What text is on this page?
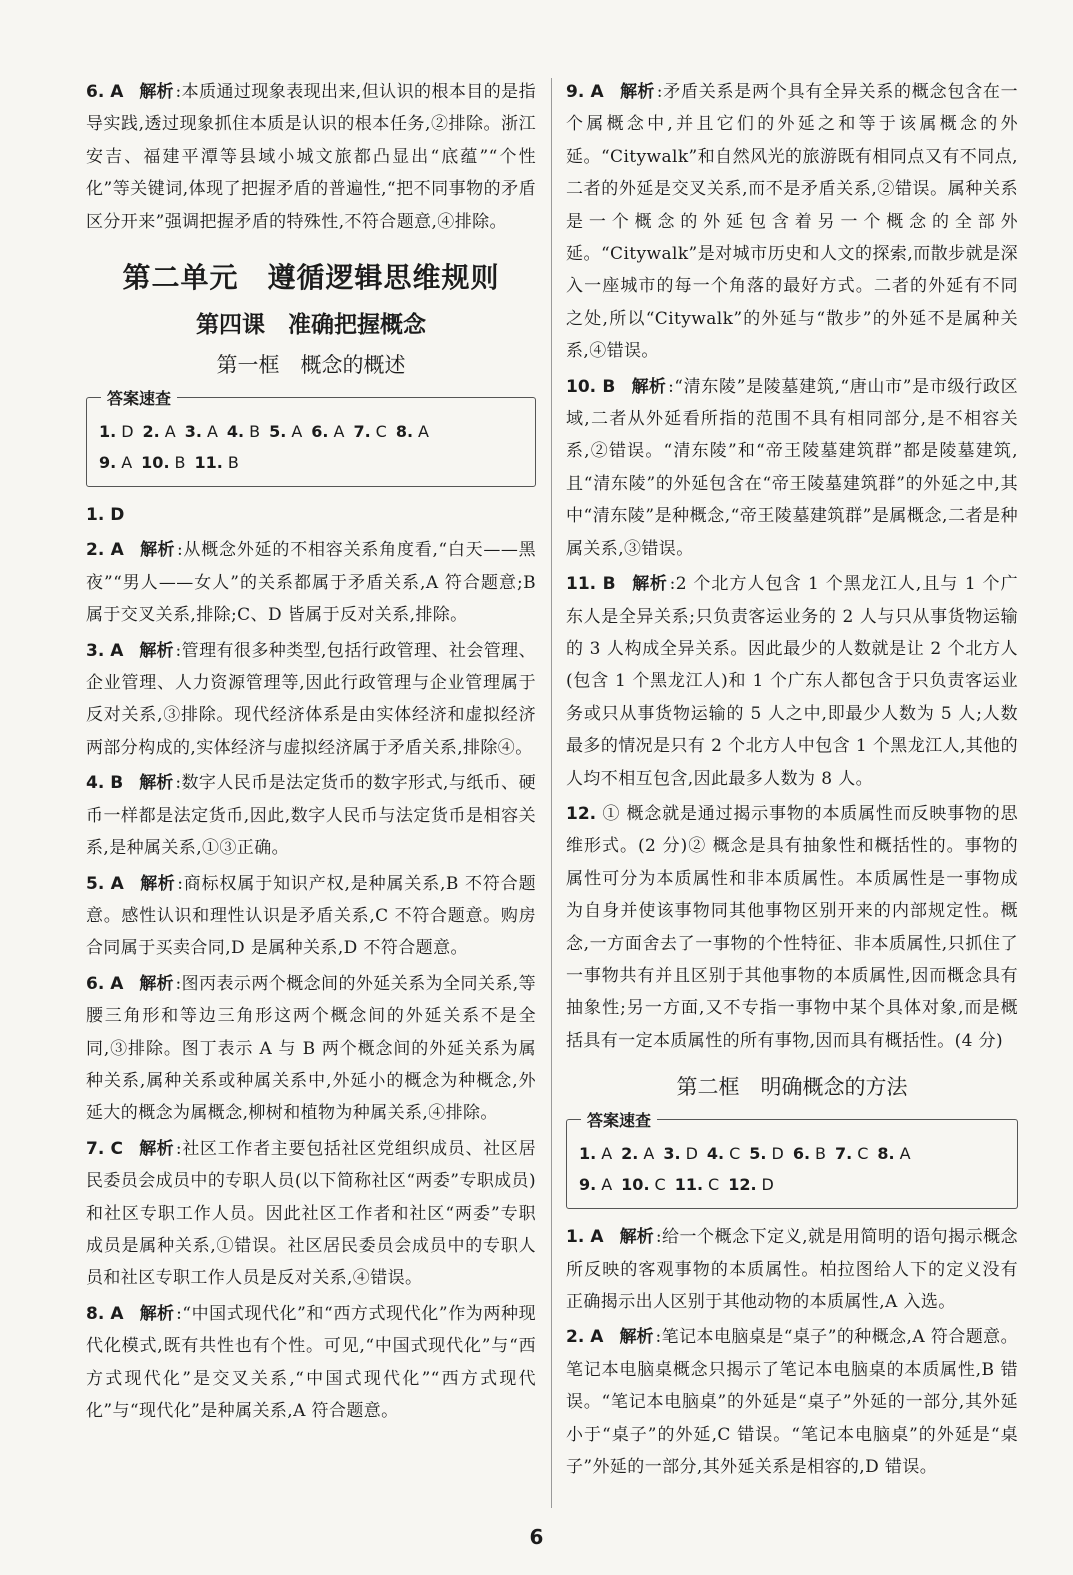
6. A 解析 :本质通过现象表现出来,但认识的根本目的是指导实践,透过现象抓住本质是认识的根本任务,②排除。浙江安吉、福建平潭等县域小城文旅都凸显出“底蕴”“个性化”等关键词,体现了把握矛盾的普遍性,“把不同事物的矛盾区分开来”强调把握矛盾的特殊性,不符合题意,④排除。

第二单元　遵循逻辑思维规则
第四课　准确把握概念
第一框　概念的概述
答案速查
1. D 2. A 3. A 4. B 5. A 6. A 7. C 8. A
9. A 10. B 11. B

1. D

2. A 解析 :从概念外延的不相容关系角度看,“白天——黑夜”“男人——女人”的关系都属于矛盾关系,A 符合题意;B 属于交叉关系,排除;C、D 皆属于反对关系,排除。

3. A 解析 :管理有很多种类型,包括行政管理、社会管理、企业管理、人力资源管理等,因此行政管理与企业管理属于反对关系,③排除。现代经济体系是由实体经济和虚拟经济两部分构成的,实体经济与虚拟经济属于矛盾关系,排除④。

4. B 解析 :数字人民币是法定货币的数字形式,与纸币、硬币一样都是法定货币,因此,数字人民币与法定货币是相容关系,是种属关系,①③正确。

5. A 解析 :商标权属于知识产权,是种属关系,B 不符合题意。感性认识和理性认识是矛盾关系,C 不符合题意。购房合同属于买卖合同,D 是属种关系,D 不符合题意。

6. A 解析 :图丙表示两个概念间的外延关系为全同关系,等腰三角形和等边三角形这两个概念间的外延关系不是全同,③排除。图丁表示 A 与 B 两个概念间的外延关系为属种关系,属种关系或种属关系中,外延小的概念为种概念,外延大的概念为属概念,柳树和植物为种属关系,④排除。

7. C 解析 :社区工作者主要包括社区党组织成员、社区居民委员会成员中的专职人员(以下简称社区“两委”专职成员)和社区专职工作人员。因此社区工作者和社区“两委”专职成员是属种关系,①错误。社区居民委员会成员中的专职人员和社区专职工作人员是反对关系,④错误。

8. A 解析 :“中国式现代化”和“西方式现代化”作为两种现代化模式,既有共性也有个性。可见,“中国式现代化”与“西方式现代化”是交叉关系,“中国式现代化”“西方式现代化”与“现代化”是种属关系,A 符合题意。

9. A 解析 :矛盾关系是两个具有全异关系的概念包含在一个属概念中,并且它们的外延之和等于该属概念的外延。“Citywalk”和自然风光的旅游既有相同点又有不同点,二者的外延是交叉关系,而不是矛盾关系,②错误。属种关系是一个概念的外延包含着另一个概念的全部外延。“Citywalk”是对城市历史和人文的探索,而散步就是深入一座城市的每一个角落的最好方式。二者的外延有不同之处,所以“Citywalk”的外延与“散步”的外延不是属种关系,④错误。

10. B 解析 :“清东陵”是陵墓建筑,“唐山市”是市级行政区域,二者从外延看所指的范围不具有相同部分,是不相容关系,②错误。“清东陵”和“帝王陵墓建筑群”都是陵墓建筑,且“清东陵”的外延包含在“帝王陵墓建筑群”的外延之中,其中“清东陵”是种概念,“帝王陵墓建筑群”是属概念,二者是种属关系,③错误。

11. B 解析 :2 个北方人包含 1 个黑龙江人,且与 1 个广东人是全异关系;只负责客运业务的 2 人与只从事货物运输的 3 人构成全异关系。因此最少的人数就是让 2 个北方人(包含 1 个黑龙江人)和 1 个广东人都包含于只负责客运业务或只从事货物运输的 5 人之中,即最少人数为 5 人;人数最多的情况是只有 2 个北方人中包含 1 个黑龙江人,其他的人均不相互包含,因此最多人数为 8 人。

12. ① 概念就是通过揭示事物的本质属性而反映事物的思维形式。(2 分)② 概念是具有抽象性和概括性的。事物的属性可分为本质属性和非本质属性。本质属性是一事物成为自身并使该事物同其他事物区别开来的内部规定性。概念,一方面舍去了一事物的个性特征、非本质属性,只抓住了一事物共有并且区别于其他事物的本质属性,因而概念具有抽象性;另一方面,又不专指一事物中某个具体对象,而是概括具有一定本质属性的所有事物,因而具有概括性。(4 分)

第二框　明确概念的方法
答案速查
1. A 2. A 3. D 4. C 5. D 6. B 7. C 8. A
9. A 10. C 11. C 12. D

1. A 解析 :给一个概念下定义,就是用简明的语句揭示概念所反映的客观事物的本质属性。柏拉图给人下的定义没有正确揭示出人区别于其他动物的本质属性,A 入选。

2. A 解析 :笔记本电脑桌是“桌子”的种概念,A 符合题意。笔记本电脑桌概念只揭示了笔记本电脑桌的本质属性,B 错误。“笔记本电脑桌”的外延是“桌子”外延的一部分,其外延小于“桌子”的外延,C 错误。“笔记本电脑桌”的外延是“桌子”外延的一部分,其外延关系是相容的,D 错误。

6
